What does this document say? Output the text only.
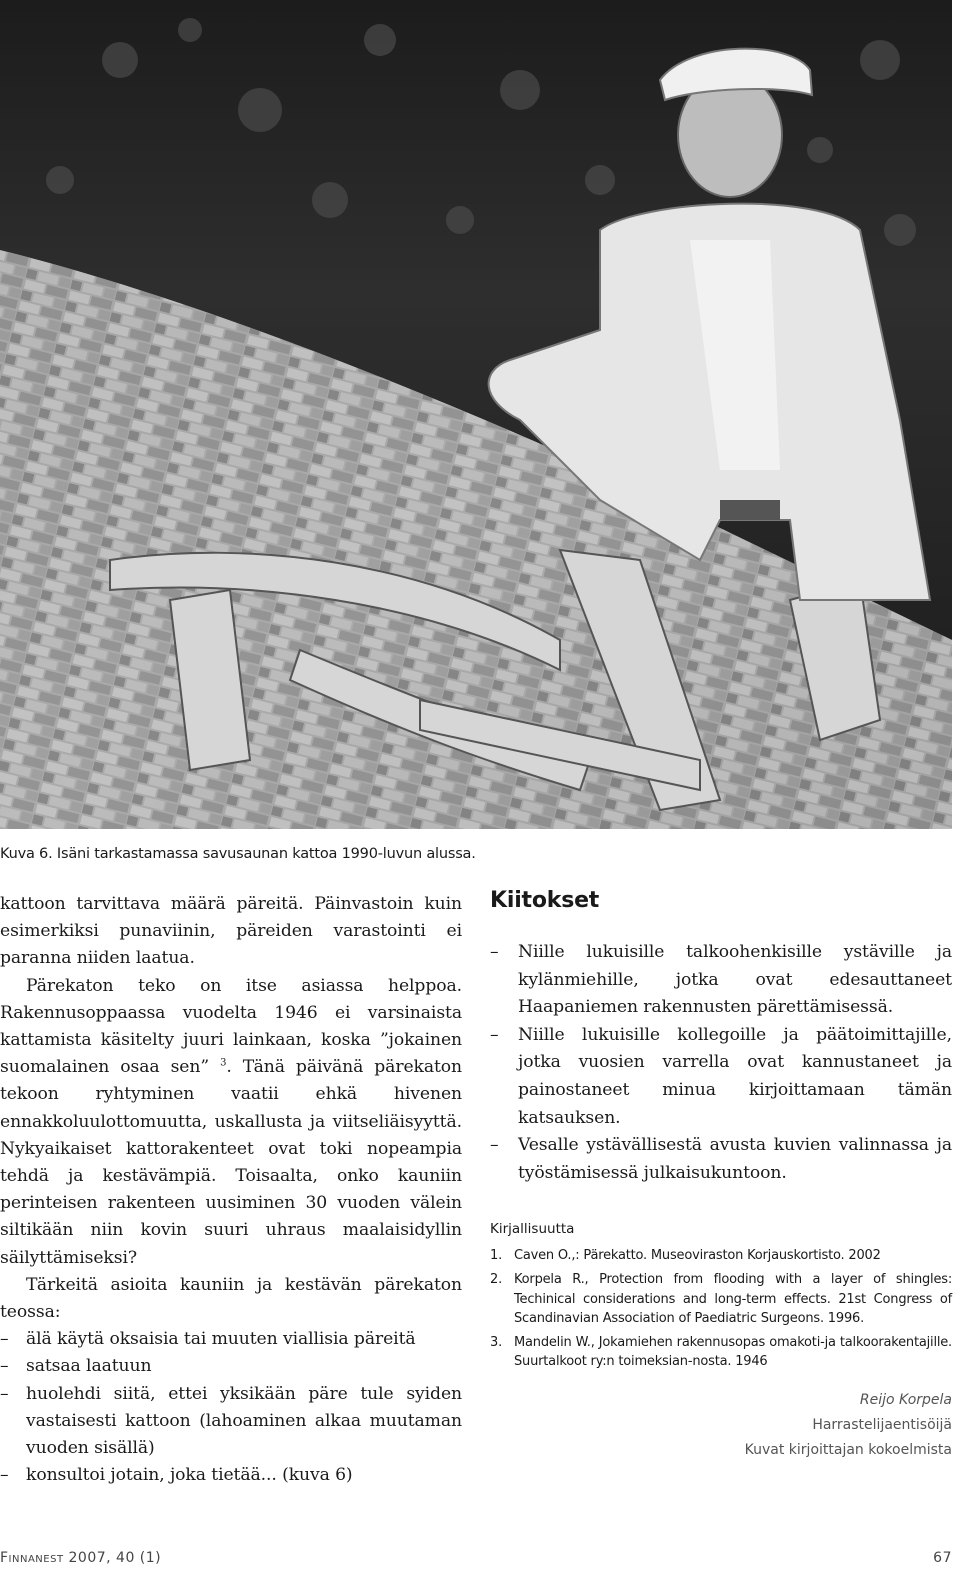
Kuva 6. Isäni tarkastamassa savusaunan kattoa 1990-luvun alussa.

kattoon tarvittava määrä päreitä. Päinvastoin kuin esimerkiksi punaviinin, päreiden varastointi ei paranna niiden laatua.

Pärekaton teko on itse asiassa helppoa. Rakennusoppaassa vuodelta 1946 ei varsinaista kattamista käsitelty juuri lainkaan, koska ”jokainen suomalainen osaa sen” $^3$. Tänä päivänä pärekaton tekoon ryhtyminen vaatii ehkä hivenen ennakkoluulottomuutta, uskallusta ja viitseliäisyyttä. Nykyaikaiset kattorakenteet ovat toki nopeampia tehdä ja kestävämpiä. Toisaalta, onko kauniin perinteisen rakenteen uusiminen 30 vuoden välein siltikään niin kovin suuri uhraus maalaisidyllin säilyttämiseksi?

Tärkeitä asioita kauniin ja kestävän pärekaton teossa:

– älä käytä oksaisia tai muuten viallisia päreitä
– satsaa laatuun
– huolehdi siitä, ettei yksikään päre tule syiden vastaisesti kattoon (lahoaminen alkaa muutaman vuoden sisällä)
– konsultoi jotain, joka tietää... (kuva 6)
Kiitokset
– Niille lukuisille talkoohenkisille ystäville ja kylänmiehille, jotka ovat edesauttaneet Haapaniemen rakennusten pärettämisessä.
– Niille lukuisille kollegoille ja päätoimittajille, jotka vuosien varrella ovat kannustaneet ja painostaneet minua kirjoittamaan tämän katsauksen.
– Vesalle ystävällisestä avusta kuvien valinnassa ja työstämisessä julkaisukuntoon.
Kirjallisuutta
1. Caven O.,: Pärekatto. Museoviraston Korjauskortisto. 2002
2. Korpela R., Protection from flooding with a layer of shingles: Techinical considerations and long-term effects. 21st Congress of Scandinavian Association of Paediatric Surgeons. 1996.
3. Mandelin W., Jokamiehen rakennusopas omakoti-ja talkoorakentajille. Suurtalkoot ry:n toimeksian-nosta. 1946
Reijo Korpela
Harrastelijaentisöijä
Kuvat kirjoittajan kokoelmista
Finnanest 2007, 40 (1)	67
